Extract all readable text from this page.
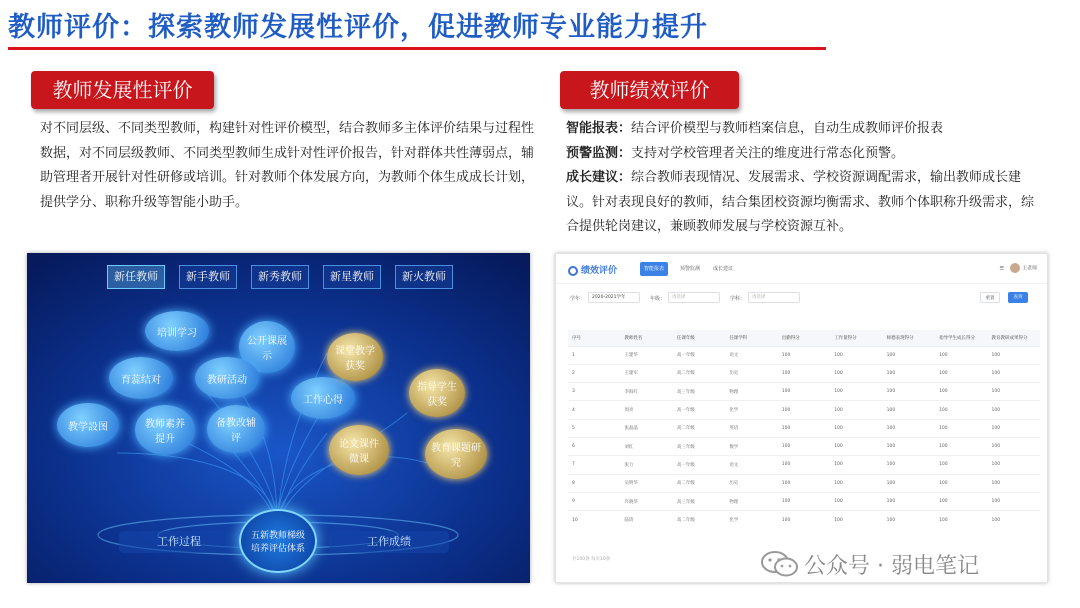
教师评价：探索教师发展性评价，促进教师专业能力提升
教师发展性评价	教师绩效评价
对不同层级、不同类型教师，构建针对性评价模型，结合教师多主体评价结果与过程性数据，对不同层级教师、不同类型教师生成针对性评价报告，针对群体共性薄弱点，辅助管理者开展针对性研修或培训。针对教师个体发展方向，为教师个体生成成长计划，提供学分、职称升级等智能小助手。
智能报表：结合评价模型与教师档案信息，自动生成教师评价报表
预警监测：支持对学校管理者关注的维度进行常态化预警。
成长建议：综合教师表现情况、发展需求、学校资源调配需求，输出教师成长建议。针对表现良好的教师，结合集团校资源均衡需求、教师个体职称升级需求，综合提供轮岗建议，兼顾教师发展与学校资源互补。
新任教师	新手教师	新秀教师	新星教师	新火教师
培训学习
公开课展示
育蕊结对	教研活动
工作心得
教学設图	教师素养提升
备教改辅评
课堂教学获奖
指导学生获奖
论文课件微课
教育课题研究
工作过程	工作成绩
五新教师梯级培养评估体系
绩效评价	智能报表	预警监测	成长建议	☰	王老师
学年：	2020-2021学年	年级：	请选择	学科：	请选择	重置	查询
序号	教师姓名	任课年级	任课学科	出勤得分	工作量得分	师德表现得分	指导学生成长得分	教育教研成果得分
1	王建华	高一年级	语文	100	100	100	100	100
2	王建军	高二年级	历史	100	100	100	100	100
3	李海红	高三年级	物理	100	100	100	100	100
4	周亮	高一年级	化学	100	100	100	100	100
5	张晶晶	高二年级	英语	100	100	100	100	100
6	刘红	高三年级	数学	100	100	100	100	100
7	张力	高一年级	语文	100	100	100	100	100
8	吴明华	高二年级	历史	100	100	100	100	100
9	许晓华	高三年级	物理	100	100	100	100	100
10	陆琦	高二年级	化学	100	100	100	100	100
共100条 每页10条	公众号 · 弱电笔记
